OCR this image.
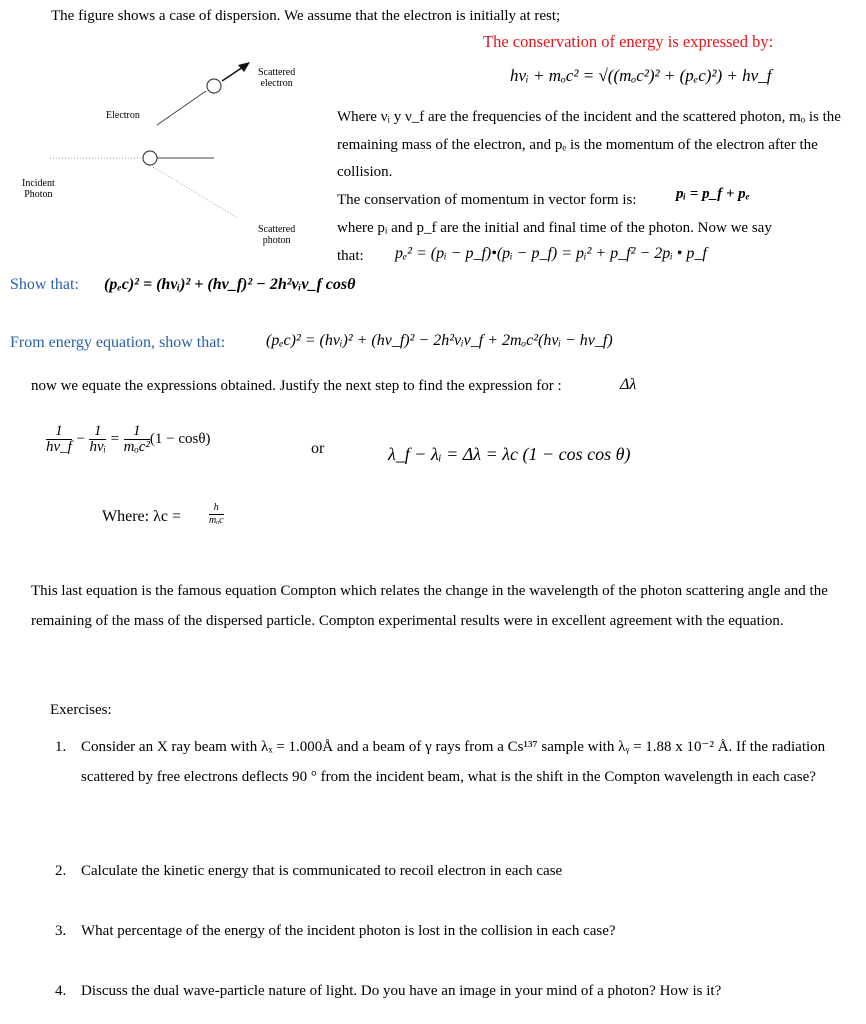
The figure shows a case of dispersion. We assume that the electron is initially at rest;
The conservation of energy is expressed by:
hνᵢ + mₒc² = √((mₒc²)² + (pₑc)²) + hν_f
Scattered
electron
Electron
Incident
Photon
Scattered
photon
Where νᵢ y ν_f are the frequencies of the incident and the scattered photon, mₒ is the remaining mass of the electron, and pₑ is the momentum of the electron after the collision.
The conservation of momentum in vector form is:	pᵢ = p_f + pₑ
where pᵢ and p_f are the initial and final time of the photon. Now we say
that: pₑ² = (pᵢ − p_f)•(pᵢ − p_f) = pᵢ² + p_f² − 2pᵢ • p_f
Show that: (pₑc)² = (hνᵢ)² + (hν_f)² − 2h²νᵢν_f cosθ
From energy equation, show that:	(pₑc)² = (hνᵢ)² + (hν_f)² − 2h²νᵢν_f + 2mₒc²(hνᵢ − hν_f)
now we equate the expressions obtained. Justify the next step to find the expression for :	Δλ
$\frac{1}{h\nu\_f} - \frac{1}{\text{hνᵢ}} = \frac{1}{\text{mₒc²}} (1 - \cos\theta)$
or	λ_f − λᵢ = Δλ = λc (1 − cos cos θ)
Where: λc =	$\frac{h}{\text{mₒc}}$
This last equation is the famous equation Compton which relates the change in the wavelength of the photon scattering angle and the remaining of the mass of the dispersed particle. Compton experimental results were in excellent agreement with the equation.
Exercises:
1. Consider an X ray beam with λₓ = 1.000Å and a beam of γ rays from a Cs¹³⁷ sample with λᵧ = 1.88 x 10⁻² Å. If the radiation scattered by free electrons deflects 90 ° from the incident beam, what is the shift in the Compton wavelength in each case?
2. Calculate the kinetic energy that is communicated to recoil electron in each case
3. What percentage of the energy of the incident photon is lost in the collision in each case?
4. Discuss the dual wave-particle nature of light. Do you have an image in your mind of a photon? How is it?
